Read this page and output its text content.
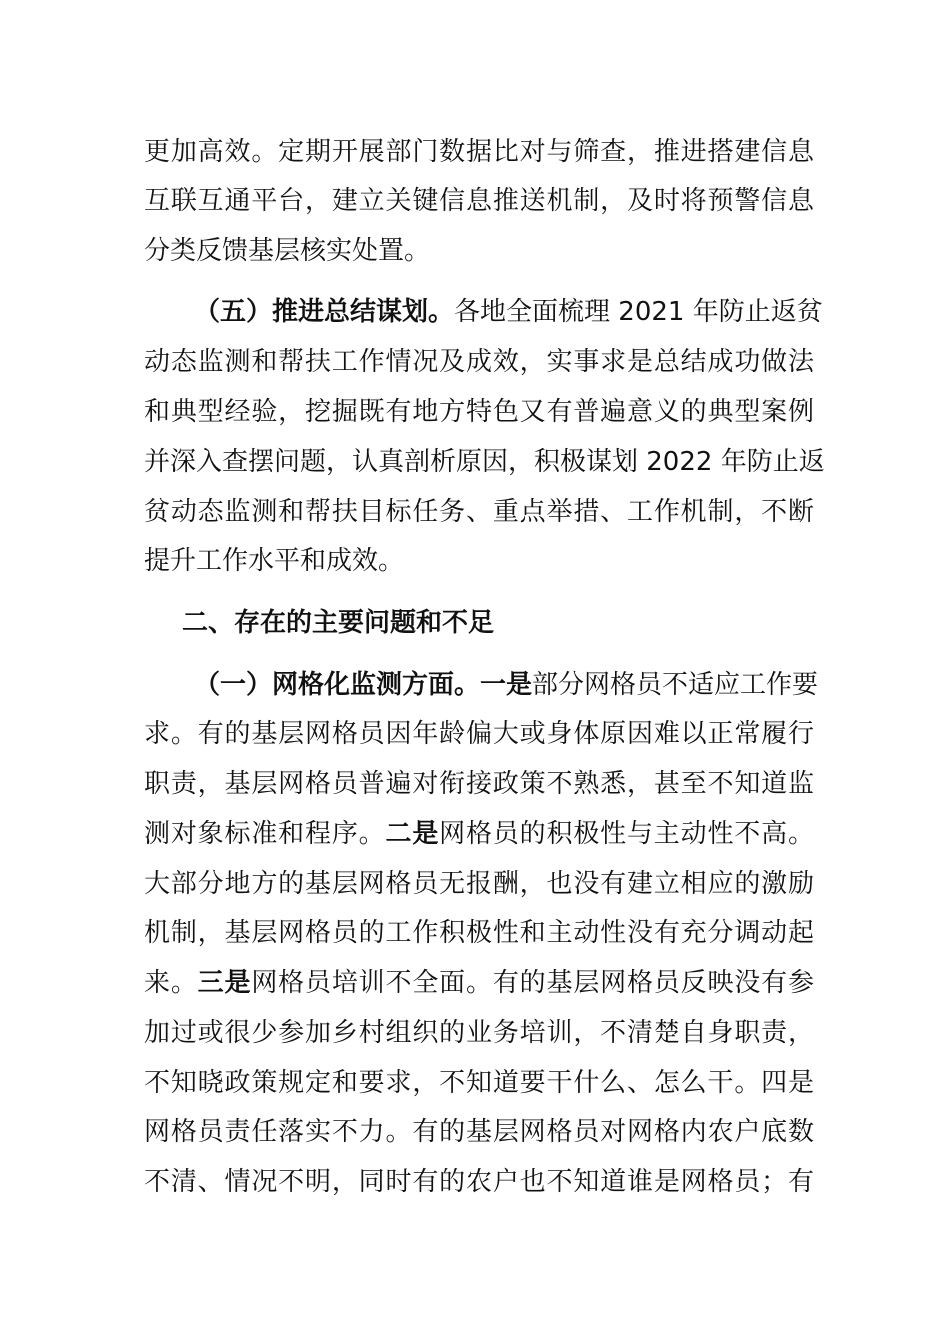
更加高效。定期开展部门数据比对与筛查，推进搭建信息
互联互通平台，建立关键信息推送机制，及时将预警信息
分类反馈基层核实处置。
（五）推进总结谋划。各地全面梳理 2021 年防止返贫
动态监测和帮扶工作情况及成效，实事求是总结成功做法
和典型经验，挖掘既有地方特色又有普遍意义的典型案例
并深入查摆问题，认真剖析原因，积极谋划 2022 年防止返
贫动态监测和帮扶目标任务、重点举措、工作机制，不断
提升工作水平和成效。
二、存在的主要问题和不足
（一）网格化监测方面。一是部分网格员不适应工作要
求。有的基层网格员因年龄偏大或身体原因难以正常履行
职责，基层网格员普遍对衔接政策不熟悉，甚至不知道监
测对象标准和程序。二是网格员的积极性与主动性不高。
大部分地方的基层网格员无报酬，也没有建立相应的激励
机制，基层网格员的工作积极性和主动性没有充分调动起
来。三是网格员培训不全面。有的基层网格员反映没有参
加过或很少参加乡村组织的业务培训，不清楚自身职责，
不知晓政策规定和要求，不知道要干什么、怎么干。四是
网格员责任落实不力。有的基层网格员对网格内农户底数
不清、情况不明，同时有的农户也不知道谁是网格员；有
